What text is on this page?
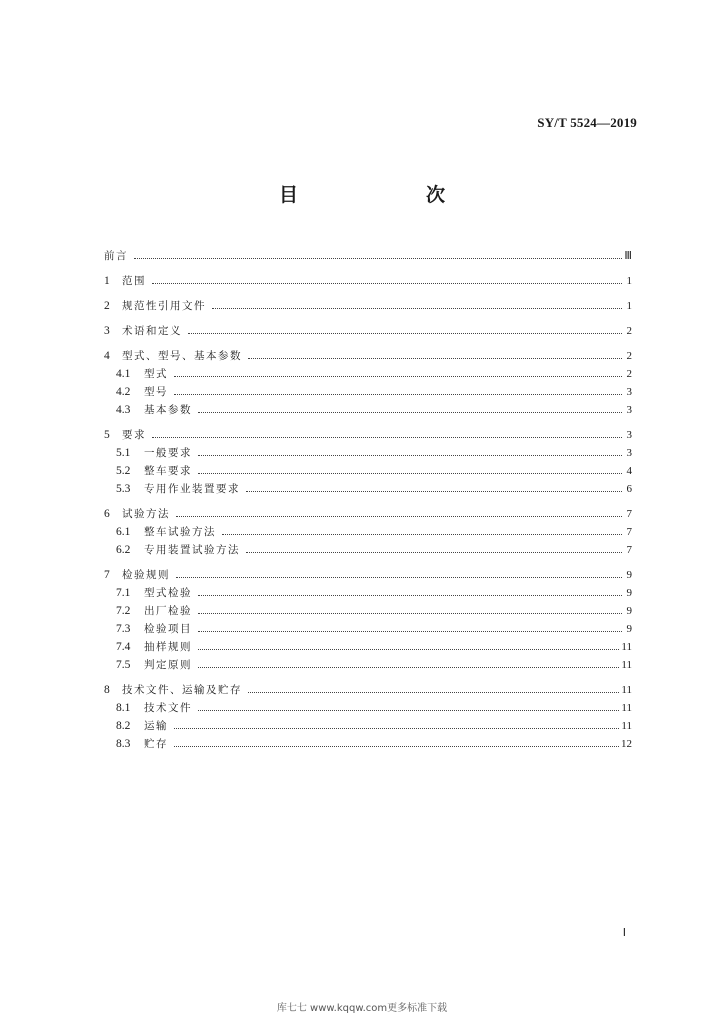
SY/T 5524—2019
目　　次
前言	Ⅲ
1	范围	1
2	规范性引用文件	1
3	术语和定义	2
4	型式、型号、基本参数	2
4.1	型式	2
4.2	型号	3
4.3	基本参数	3
5	要求	3
5.1	一般要求	3
5.2	整车要求	4
5.3	专用作业装置要求	6
6	试验方法	7
6.1	整车试验方法	7
6.2	专用装置试验方法	7
7	检验规则	9
7.1	型式检验	9
7.2	出厂检验	9
7.3	检验项目	9
7.4	抽样规则	11
7.5	判定原则	11
8	技术文件、运输及贮存	11
8.1	技术文件	11
8.2	运输	11
8.3	贮存	12
Ⅰ
库七七 www.kqqw.com更多标准下载
